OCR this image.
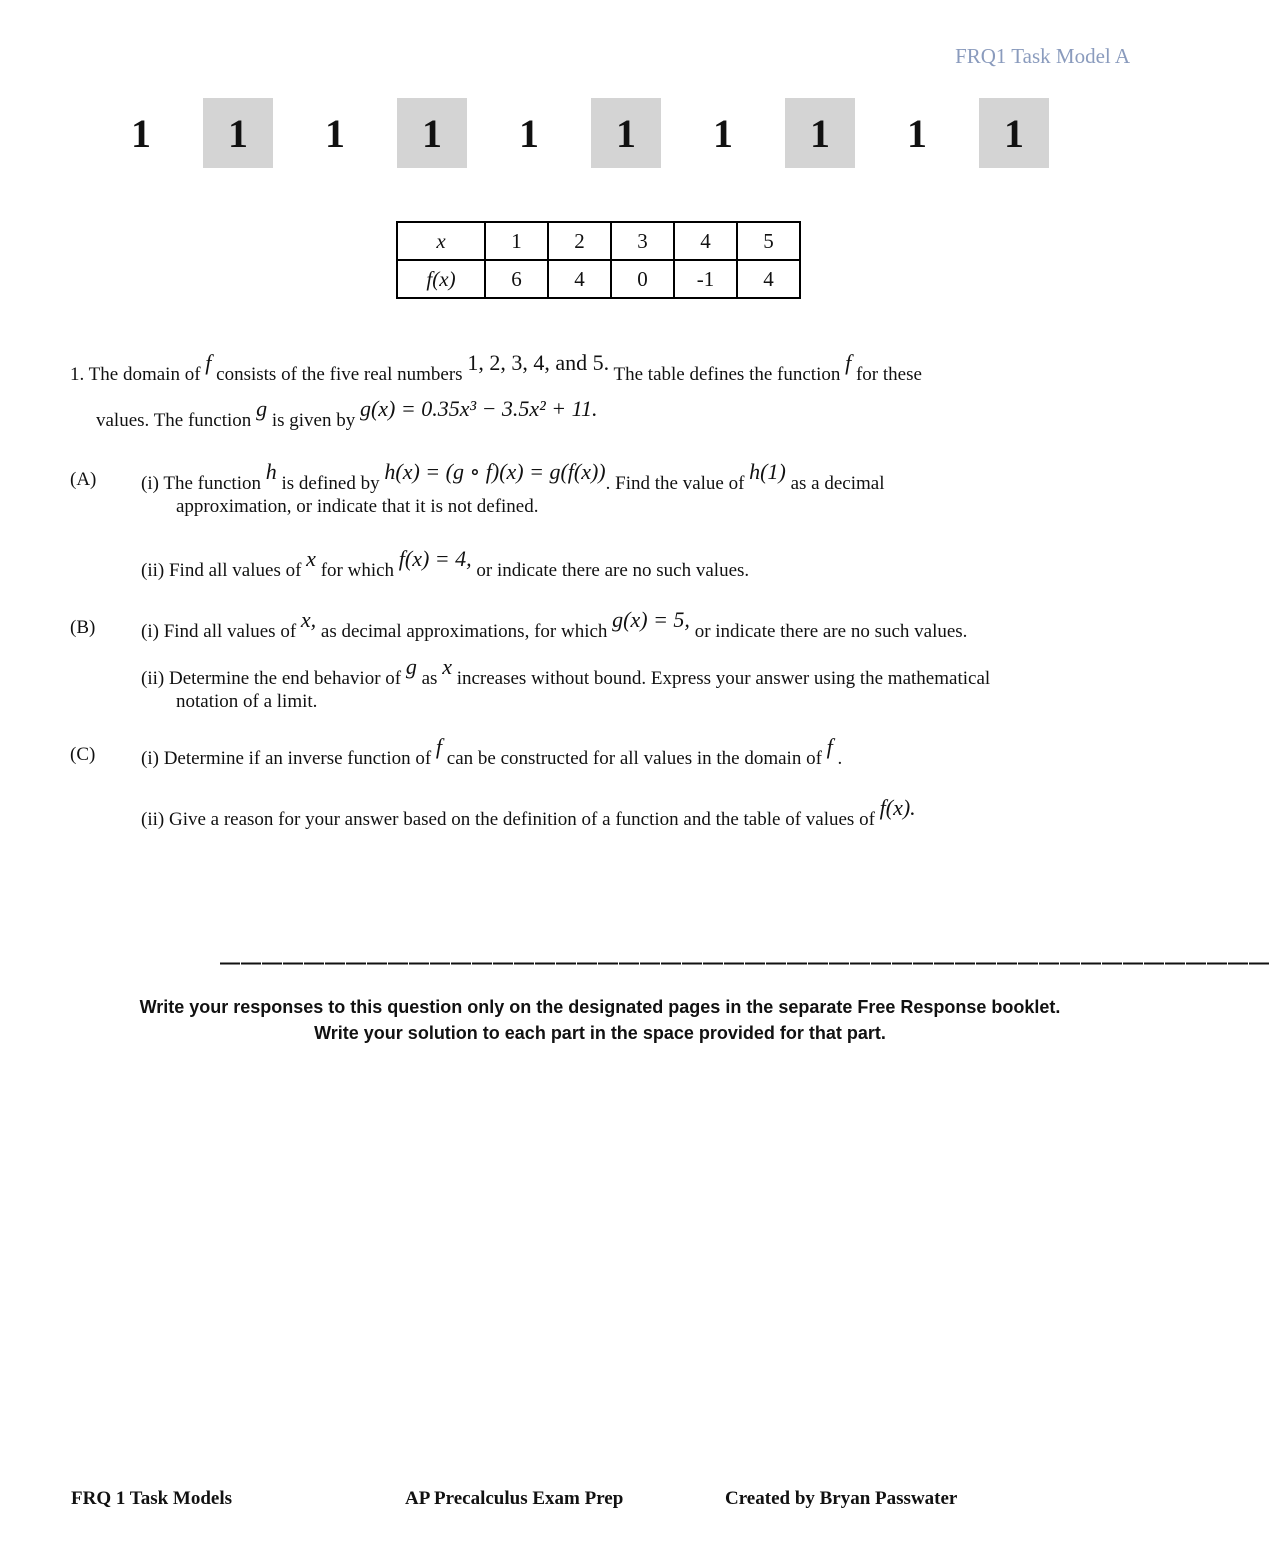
FRQ1 Task Model A
1	1	1	1	1	1	1	1	1	1
x	1	2	3	4	5
f(x)	6	4	0	-1	4
1. The domain of f consists of the five real numbers 1, 2, 3, 4, and 5. The table defines the function f for these
values. The function g is given by g(x) = 0.35x³ − 3.5x² + 11.
(A) (i) The function h is defined by h(x) = (g ∘ f)(x) = g(f(x)). Find the value of h(1) as a decimal
approximation, or indicate that it is not defined.
(ii) Find all values of x for which f(x) = 4, or indicate there are no such values.
(B) (i) Find all values of x, as decimal approximations, for which g(x) = 5, or indicate there are no such values.
(ii) Determine the end behavior of g as x increases without bound. Express your answer using the mathematical
notation of a limit.
(C) (i) Determine if an inverse function of f can be constructed for all values in the domain of f .
(ii) Give a reason for your answer based on the definition of a function and the table of values of f(x).
——————————————————————————————————————————————————
Write your responses to this question only on the designated pages in the separate Free Response booklet.
Write your solution to each part in the space provided for that part.
FRQ 1 Task Models	AP Precalculus Exam Prep	Created by Bryan Passwater
